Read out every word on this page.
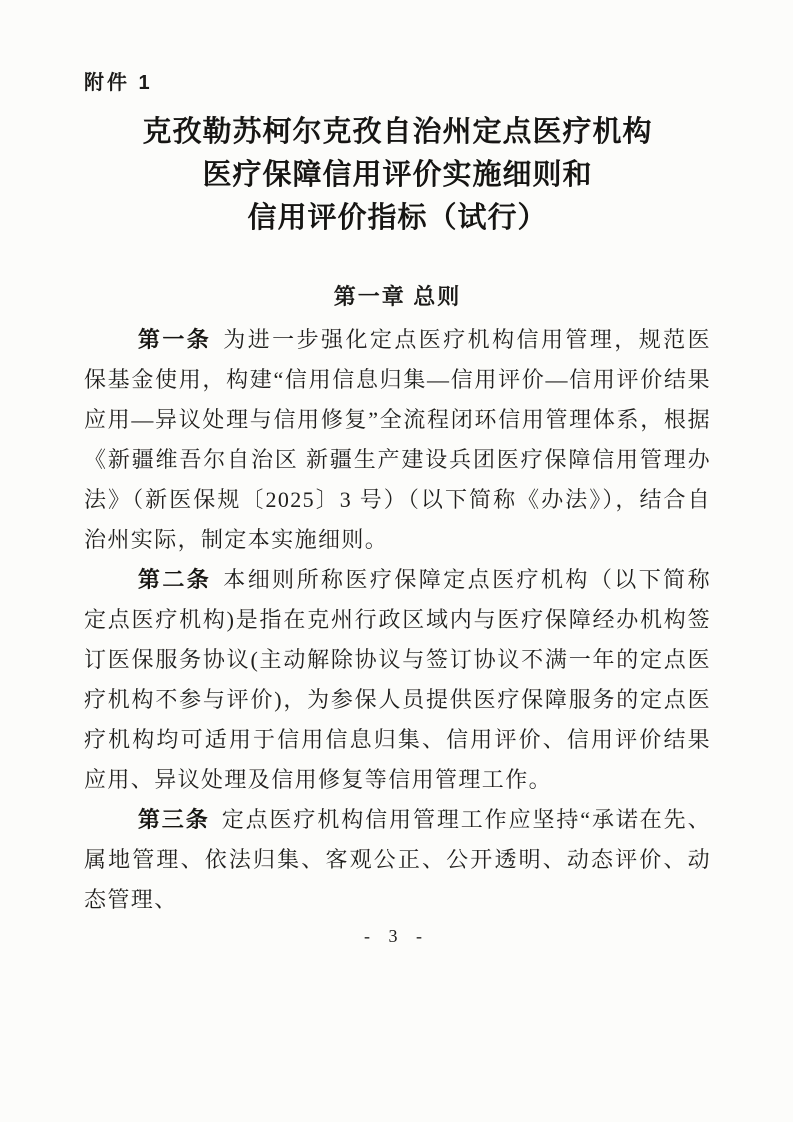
附件 1
克孜勒苏柯尔克孜自治州定点医疗机构
医疗保障信用评价实施细则和
信用评价指标（试行）
第一章 总则

第一条 为进一步强化定点医疗机构信用管理，规范医保基金使用，构建“信用信息归集—信用评价—信用评价结果应用—异议处理与信用修复”全流程闭环信用管理体系，根据《新疆维吾尔自治区 新疆生产建设兵团医疗保障信用管理办法》（新医保规〔2025〕3 号）（以下简称《办法》），结合自治州实际，制定本实施细则。

第二条 本细则所称医疗保障定点医疗机构（以下简称定点医疗机构)是指在克州行政区域内与医疗保障经办机构签订医保服务协议(主动解除协议与签订协议不满一年的定点医疗机构不参与评价)，为参保人员提供医疗保障服务的定点医疗机构均可适用于信用信息归集、信用评价、信用评价结果应用、异议处理及信用修复等信用管理工作。

第三条 定点医疗机构信用管理工作应坚持“承诺在先、属地管理、依法归集、客观公正、公开透明、动态评价、动态管理、

- 3 -
